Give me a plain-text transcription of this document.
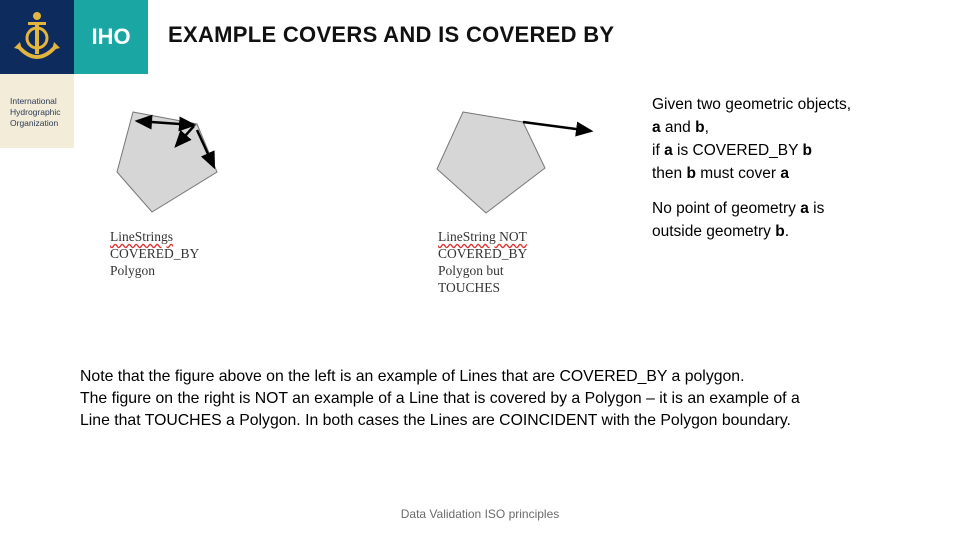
International
Hydrographic
Organization
IHO	EXAMPLE COVERS AND IS COVERED BY
LineStrings
COVERED_BY
Polygon
LineString NOT
COVERED_BY
Polygon but
TOUCHES
Given two geometric objects,
a and b,
if a is COVERED_BY b
then b must cover a
No point of geometry a is
outside geometry b.
Note that the figure above on the left is an example of Lines that are COVERED_BY a polygon.
The figure on the right is NOT an example of a Line that is covered by a Polygon – it is an example of a
Line that TOUCHES a Polygon. In both cases the Lines are COINCIDENT with the Polygon boundary.
Data Validation ISO principles
